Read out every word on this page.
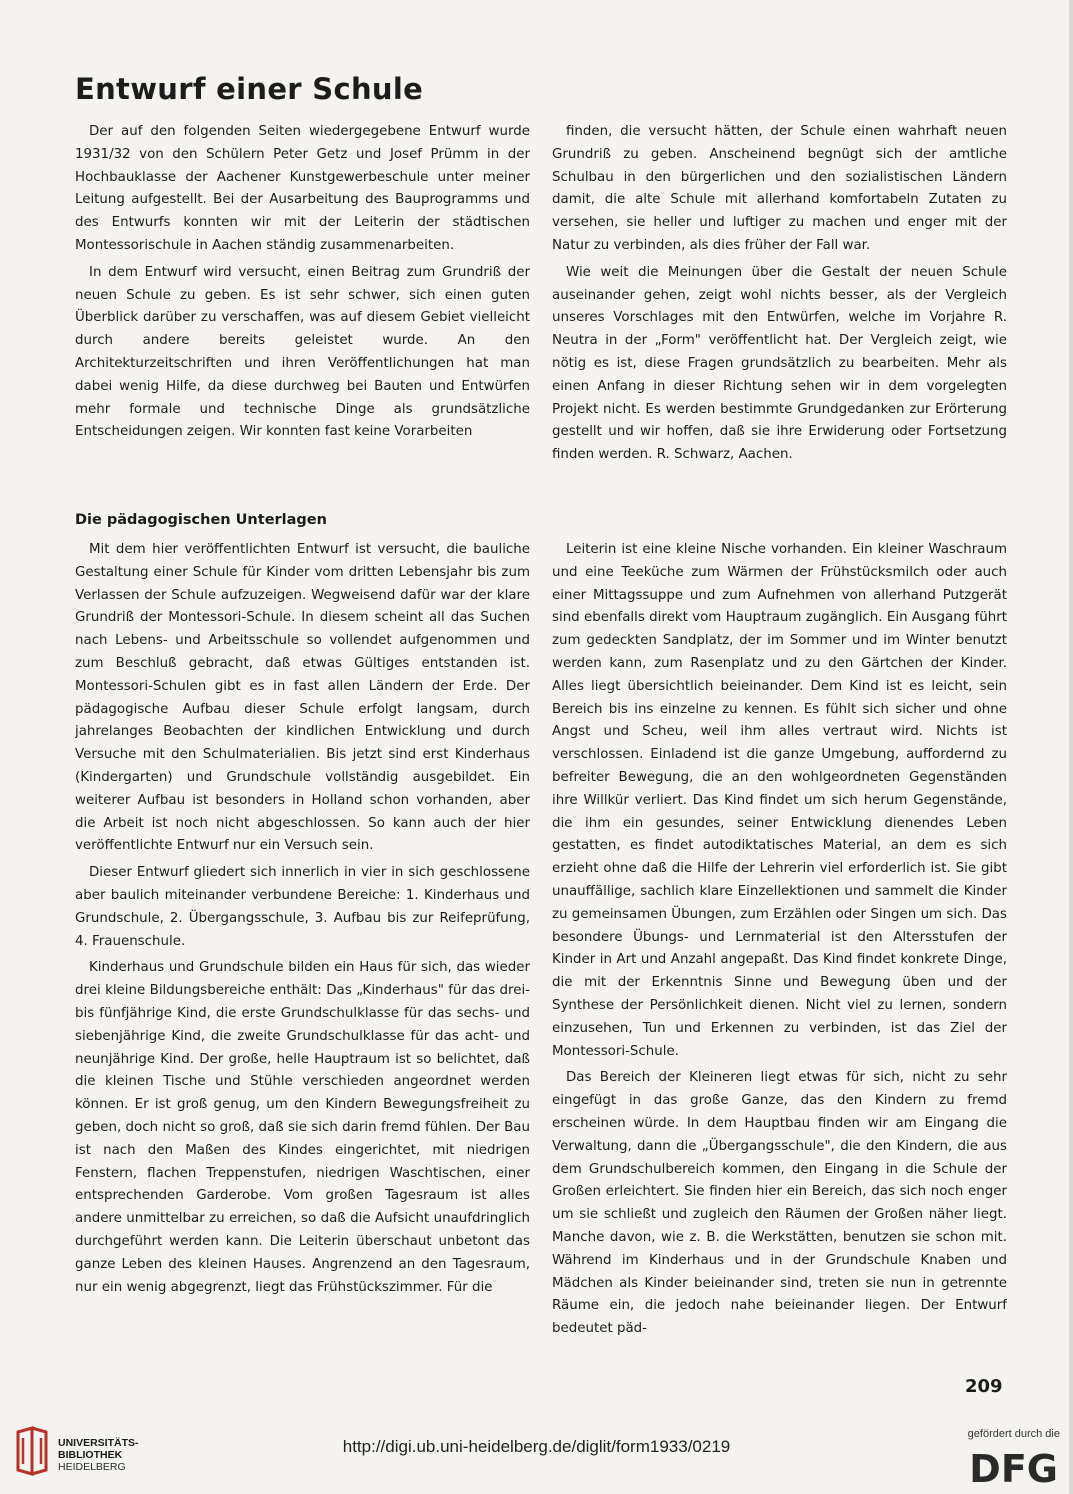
Entwurf einer Schule

Der auf den folgenden Seiten wiedergegebene Entwurf wurde 1931/32 von den Schülern Peter Getz und Josef Prümm in der Hochbauklasse der Aachener Kunstgewerbeschule unter meiner Leitung aufgestellt. Bei der Ausarbeitung des Bauprogramms und des Entwurfs konnten wir mit der Leiterin der städtischen Montessorischule in Aachen ständig zusammenarbeiten.

In dem Entwurf wird versucht, einen Beitrag zum Grundriß der neuen Schule zu geben. Es ist sehr schwer, sich einen guten Überblick darüber zu verschaffen, was auf diesem Gebiet vielleicht durch andere bereits geleistet wurde. An den Architekturzeitschriften und ihren Veröffentlichungen hat man dabei wenig Hilfe, da diese durchweg bei Bauten und Entwürfen mehr formale und technische Dinge als grundsätzliche Entscheidungen zeigen. Wir konnten fast keine Vorarbeiten

finden, die versucht hätten, der Schule einen wahrhaft neuen Grundriß zu geben. Anscheinend begnügt sich der amtliche Schulbau in den bürgerlichen und den sozialistischen Ländern damit, die alte Schule mit allerhand komfortabeln Zutaten zu versehen, sie heller und luftiger zu machen und enger mit der Natur zu verbinden, als dies früher der Fall war.

Wie weit die Meinungen über die Gestalt der neuen Schule auseinander gehen, zeigt wohl nichts besser, als der Vergleich unseres Vorschlages mit den Entwürfen, welche im Vorjahre R. Neutra in der „Form" veröffentlicht hat. Der Vergleich zeigt, wie nötig es ist, diese Fragen grundsätzlich zu bearbeiten. Mehr als einen Anfang in dieser Richtung sehen wir in dem vorgelegten Projekt nicht. Es werden bestimmte Grundgedanken zur Erörterung gestellt und wir hoffen, daß sie ihre Erwiderung oder Fortsetzung finden werden. R. Schwarz, Aachen.

Die pädagogischen Unterlagen

Mit dem hier veröffentlichten Entwurf ist versucht, die bauliche Gestaltung einer Schule für Kinder vom dritten Lebensjahr bis zum Verlassen der Schule aufzuzeigen. Wegweisend dafür war der klare Grundriß der Montessori-Schule. In diesem scheint all das Suchen nach Lebens- und Arbeitsschule so vollendet aufgenommen und zum Beschluß gebracht, daß etwas Gültiges entstanden ist. Montessori-Schulen gibt es in fast allen Ländern der Erde. Der pädagogische Aufbau dieser Schule erfolgt langsam, durch jahrelanges Beobachten der kindlichen Entwicklung und durch Versuche mit den Schulmaterialien. Bis jetzt sind erst Kinderhaus (Kindergarten) und Grundschule vollständig ausgebildet. Ein weiterer Aufbau ist besonders in Holland schon vorhanden, aber die Arbeit ist noch nicht abgeschlossen. So kann auch der hier veröffentlichte Entwurf nur ein Versuch sein.

Dieser Entwurf gliedert sich innerlich in vier in sich geschlossene aber baulich miteinander verbundene Bereiche: 1. Kinderhaus und Grundschule, 2. Übergangsschule, 3. Aufbau bis zur Reifeprüfung, 4. Frauenschule.

Kinderhaus und Grundschule bilden ein Haus für sich, das wieder drei kleine Bildungsbereiche enthält: Das „Kinderhaus" für das drei- bis fünfjährige Kind, die erste Grundschulklasse für das sechs- und siebenjährige Kind, die zweite Grundschulklasse für das acht- und neunjährige Kind. Der große, helle Hauptraum ist so belichtet, daß die kleinen Tische und Stühle verschieden angeordnet werden können. Er ist groß genug, um den Kindern Bewegungsfreiheit zu geben, doch nicht so groß, daß sie sich darin fremd fühlen. Der Bau ist nach den Maßen des Kindes eingerichtet, mit niedrigen Fenstern, flachen Treppenstufen, niedrigen Waschtischen, einer entsprechenden Garderobe. Vom großen Tagesraum ist alles andere unmittelbar zu erreichen, so daß die Aufsicht unaufdringlich durchgeführt werden kann. Die Leiterin überschaut unbetont das ganze Leben des kleinen Hauses. Angrenzend an den Tagesraum, nur ein wenig abgegrenzt, liegt das Frühstückszimmer. Für die

Leiterin ist eine kleine Nische vorhanden. Ein kleiner Waschraum und eine Teeküche zum Wärmen der Frühstücksmilch oder auch einer Mittagssuppe und zum Aufnehmen von allerhand Putzgerät sind ebenfalls direkt vom Hauptraum zugänglich. Ein Ausgang führt zum gedeckten Sandplatz, der im Sommer und im Winter benutzt werden kann, zum Rasenplatz und zu den Gärtchen der Kinder. Alles liegt übersichtlich beieinander. Dem Kind ist es leicht, sein Bereich bis ins einzelne zu kennen. Es fühlt sich sicher und ohne Angst und Scheu, weil ihm alles vertraut wird. Nichts ist verschlossen. Einladend ist die ganze Umgebung, auffordernd zu befreiter Bewegung, die an den wohlgeordneten Gegenständen ihre Willkür verliert. Das Kind findet um sich herum Gegenstände, die ihm ein gesundes, seiner Entwicklung dienendes Leben gestatten, es findet autodiktatisches Material, an dem es sich erzieht ohne daß die Hilfe der Lehrerin viel erforderlich ist. Sie gibt unauffällige, sachlich klare Einzellektionen und sammelt die Kinder zu gemeinsamen Übungen, zum Erzählen oder Singen um sich. Das besondere Übungs- und Lernmaterial ist den Altersstufen der Kinder in Art und Anzahl angepaßt. Das Kind findet konkrete Dinge, die mit der Erkenntnis Sinne und Bewegung üben und der Synthese der Persönlichkeit dienen. Nicht viel zu lernen, sondern einzusehen, Tun und Erkennen zu verbinden, ist das Ziel der Montessori-Schule.

Das Bereich der Kleineren liegt etwas für sich, nicht zu sehr eingefügt in das große Ganze, das den Kindern zu fremd erscheinen würde. In dem Hauptbau finden wir am Eingang die Verwaltung, dann die „Übergangsschule", die den Kindern, die aus dem Grundschulbereich kommen, den Eingang in die Schule der Großen erleichtert. Sie finden hier ein Bereich, das sich noch enger um sie schließt und zugleich den Räumen der Großen näher liegt. Manche davon, wie z. B. die Werkstätten, benutzen sie schon mit. Während im Kinderhaus und in der Grundschule Knaben und Mädchen als Kinder beieinander sind, treten sie nun in getrennte Räume ein, die jedoch nahe beieinander liegen. Der Entwurf bedeutet päd-

209
UNIVERSITÄTS-
BIBLIOTHEK
HEIDELBERG
http://digi.ub.uni-heidelberg.de/diglit/form1933/0219
gefördert durch die
DFG
